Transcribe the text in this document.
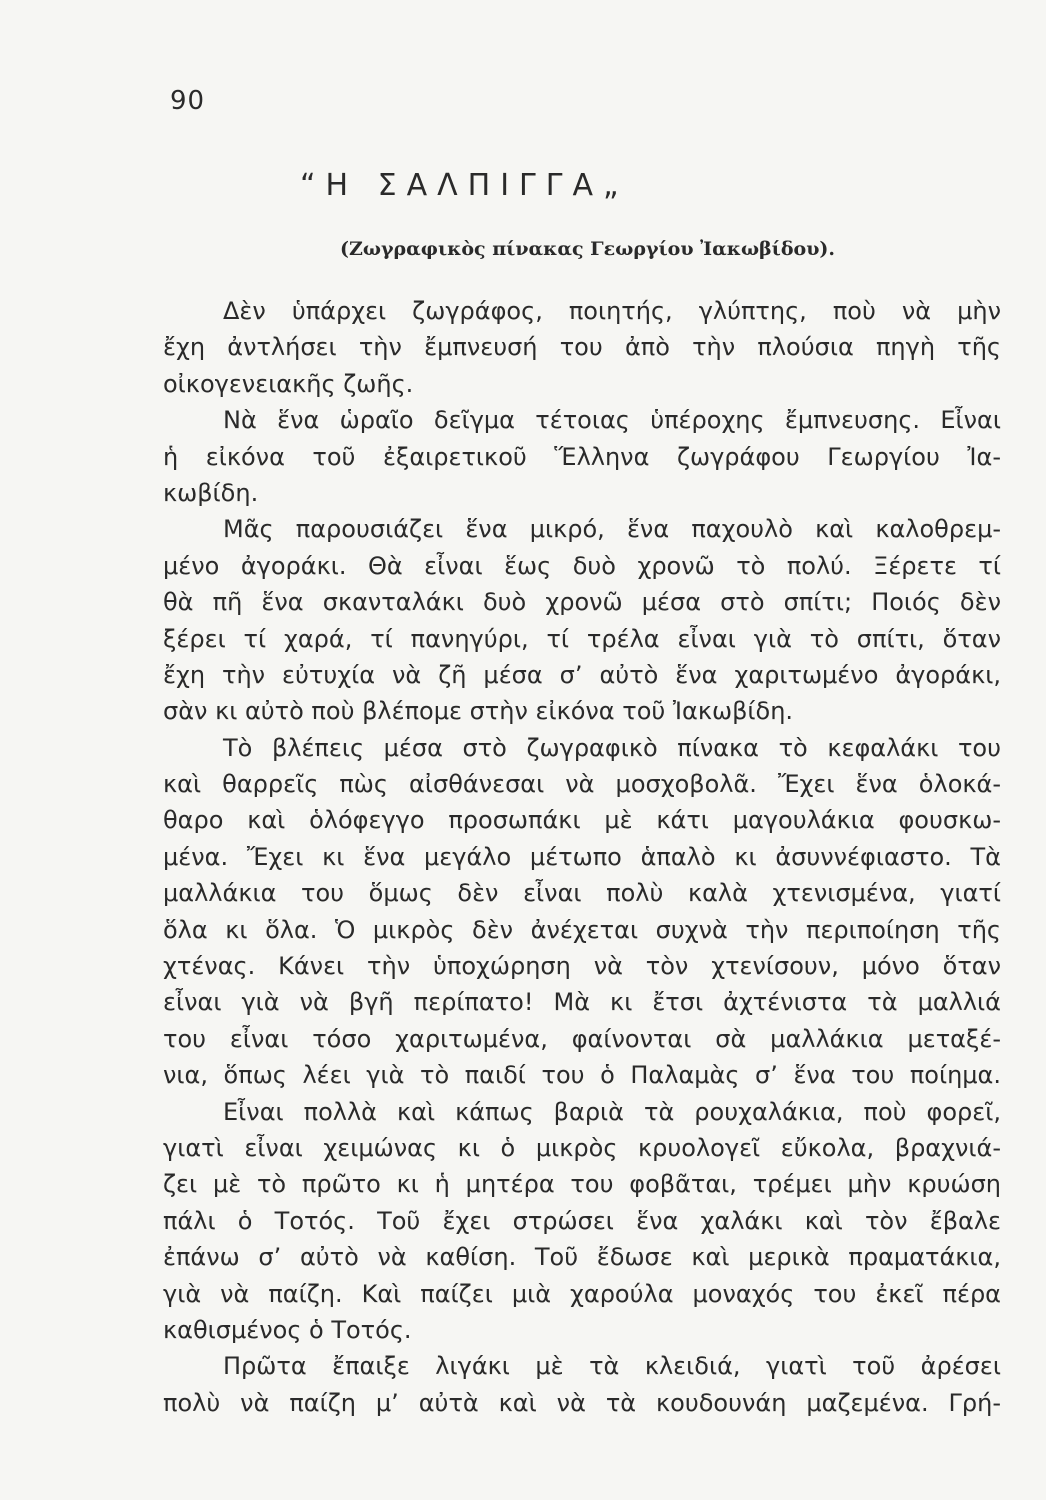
90
“Η ΣΑΛΠΙΓΓΑ„
(Ζωγραφικὸς πίνακας Γεωργίου Ἰακωβίδου).
Δὲν ὑπάρχει ζωγράφος, ποιητής, γλύπτης, ποὺ νὰ μὴν
ἔχη ἀντλήσει τὴν ἔμπνευσή του ἀπὸ τὴν πλούσια πηγὴ τῆς
οἰκογενειακῆς ζωῆς.
Νὰ ἕνα ὡραῖο δεῖγμα τέτοιας ὑπέροχης ἔμπνευσης. Εἶναι
ἡ εἰκόνα τοῦ ἐξαιρετικοῦ Ἕλληνα ζωγράφου Γεωργίου Ἰα-
κωβίδη.
Μᾶς παρουσιάζει ἕνα μικρό, ἕνα παχουλὸ καὶ καλοθρεμ-
μένο ἀγοράκι. Θὰ εἶναι ἕως δυὸ χρονῶ τὸ πολύ. Ξέρετε τί
θὰ πῆ ἕνα σκανταλάκι δυὸ χρονῶ μέσα στὸ σπίτι; Ποιός δὲν
ξέρει τί χαρά, τί πανηγύρι, τί τρέλα εἶναι γιὰ τὸ σπίτι, ὅταν
ἔχη τὴν εὐτυχία νὰ ζῆ μέσα σ’ αὐτὸ ἕνα χαριτωμένο ἀγοράκι,
σὰν κι αὐτὸ ποὺ βλέπομε στὴν εἰκόνα τοῦ Ἰακωβίδη.
Τὸ βλέπεις μέσα στὸ ζωγραφικὸ πίνακα τὸ κεφαλάκι του
καὶ θαρρεῖς πὼς αἰσθάνεσαι νὰ μοσχοβολᾶ. Ἔχει ἕνα ὁλοκά-
θαρο καὶ ὁλόφεγγο προσωπάκι μὲ κάτι μαγουλάκια φουσκω-
μένα. Ἔχει κι ἕνα μεγάλο μέτωπο ἁπαλὸ κι ἀσυννέφιαστο. Τὰ
μαλλάκια του ὅμως δὲν εἶναι πολὺ καλὰ χτενισμένα, γιατί
ὅλα κι ὅλα. Ὁ μικρὸς δὲν ἀνέχεται συχνὰ τὴν περιποίηση τῆς
χτένας. Κάνει τὴν ὑποχώρηση νὰ τὸν χτενίσουν, μόνο ὅταν
εἶναι γιὰ νὰ βγῆ περίπατο! Μὰ κι ἔτσι ἀχτένιστα τὰ μαλλιά
του εἶναι τόσο χαριτωμένα, φαίνονται σὰ μαλλάκια μεταξέ-
νια, ὅπως λέει γιὰ τὸ παιδί του ὁ Παλαμὰς σ’ ἕνα του ποίημα.
Εἶναι πολλὰ καὶ κάπως βαριὰ τὰ ρουχαλάκια, ποὺ φορεῖ,
γιατὶ εἶναι χειμώνας κι ὁ μικρὸς κρυολογεῖ εὔκολα, βραχνιά-
ζει μὲ τὸ πρῶτο κι ἡ μητέρα του φοβᾶται, τρέμει μὴν κρυώση
πάλι ὁ Τοτός. Τοῦ ἔχει στρώσει ἕνα χαλάκι καὶ τὸν ἔβαλε
ἐπάνω σ’ αὐτὸ νὰ καθίση. Τοῦ ἔδωσε καὶ μερικὰ πραματάκια,
γιὰ νὰ παίζη. Καὶ παίζει μιὰ χαρούλα μοναχός του ἐκεῖ πέρα
καθισμένος ὁ Τοτός.
Πρῶτα ἔπαιξε λιγάκι μὲ τὰ κλειδιά, γιατὶ τοῦ ἀρέσει
πολὺ νὰ παίζη μ’ αὐτὰ καὶ νὰ τὰ κουδουνάη μαζεμένα. Γρή-
